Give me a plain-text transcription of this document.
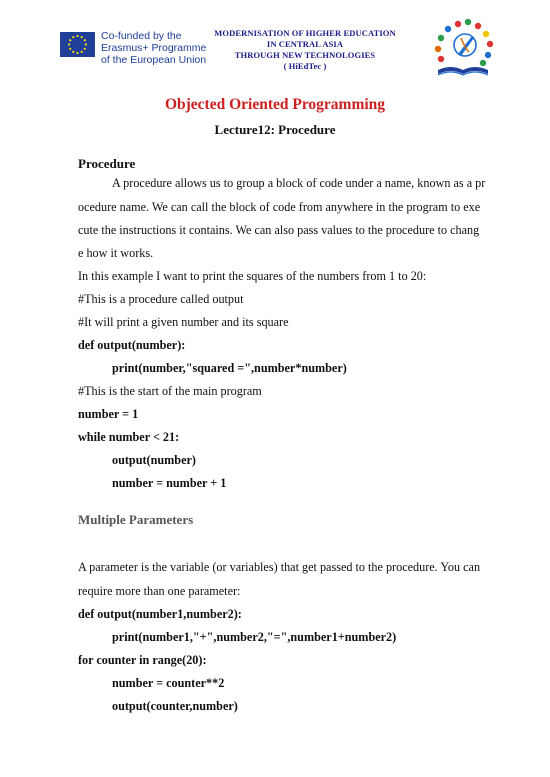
Co-funded by the
Erasmus+ Programme
of the European Union
MODERNISATION OF HIGHER EDUCATION
IN CENTRAL ASIA
THROUGH NEW TECHNOLOGIES
( HiEdTec )
Objected Oriented Programming
Lecture12: Procedure
Procedure
A procedure allows us to group a block of code under a name, known as a pr
ocedure name. We can call the block of code from anywhere in the program to exe
cute the instructions it contains. We can also pass values to the procedure to chang
e how it works.
In this example I want to print the squares of the numbers from 1 to 20:
#This is a procedure called output
#It will print a given number and its square
def output(number):
print(number,"squared =",number*number)
#This is the start of the main program
number = 1
while number < 21:
output(number)
number = number + 1
Multiple Parameters
A parameter is the variable (or variables) that get passed to the procedure. You can
require more than one parameter:
def output(number1,number2):
print(number1,"+",number2,"=",number1+number2)
for counter in range(20):
number = counter**2
output(counter,number)
